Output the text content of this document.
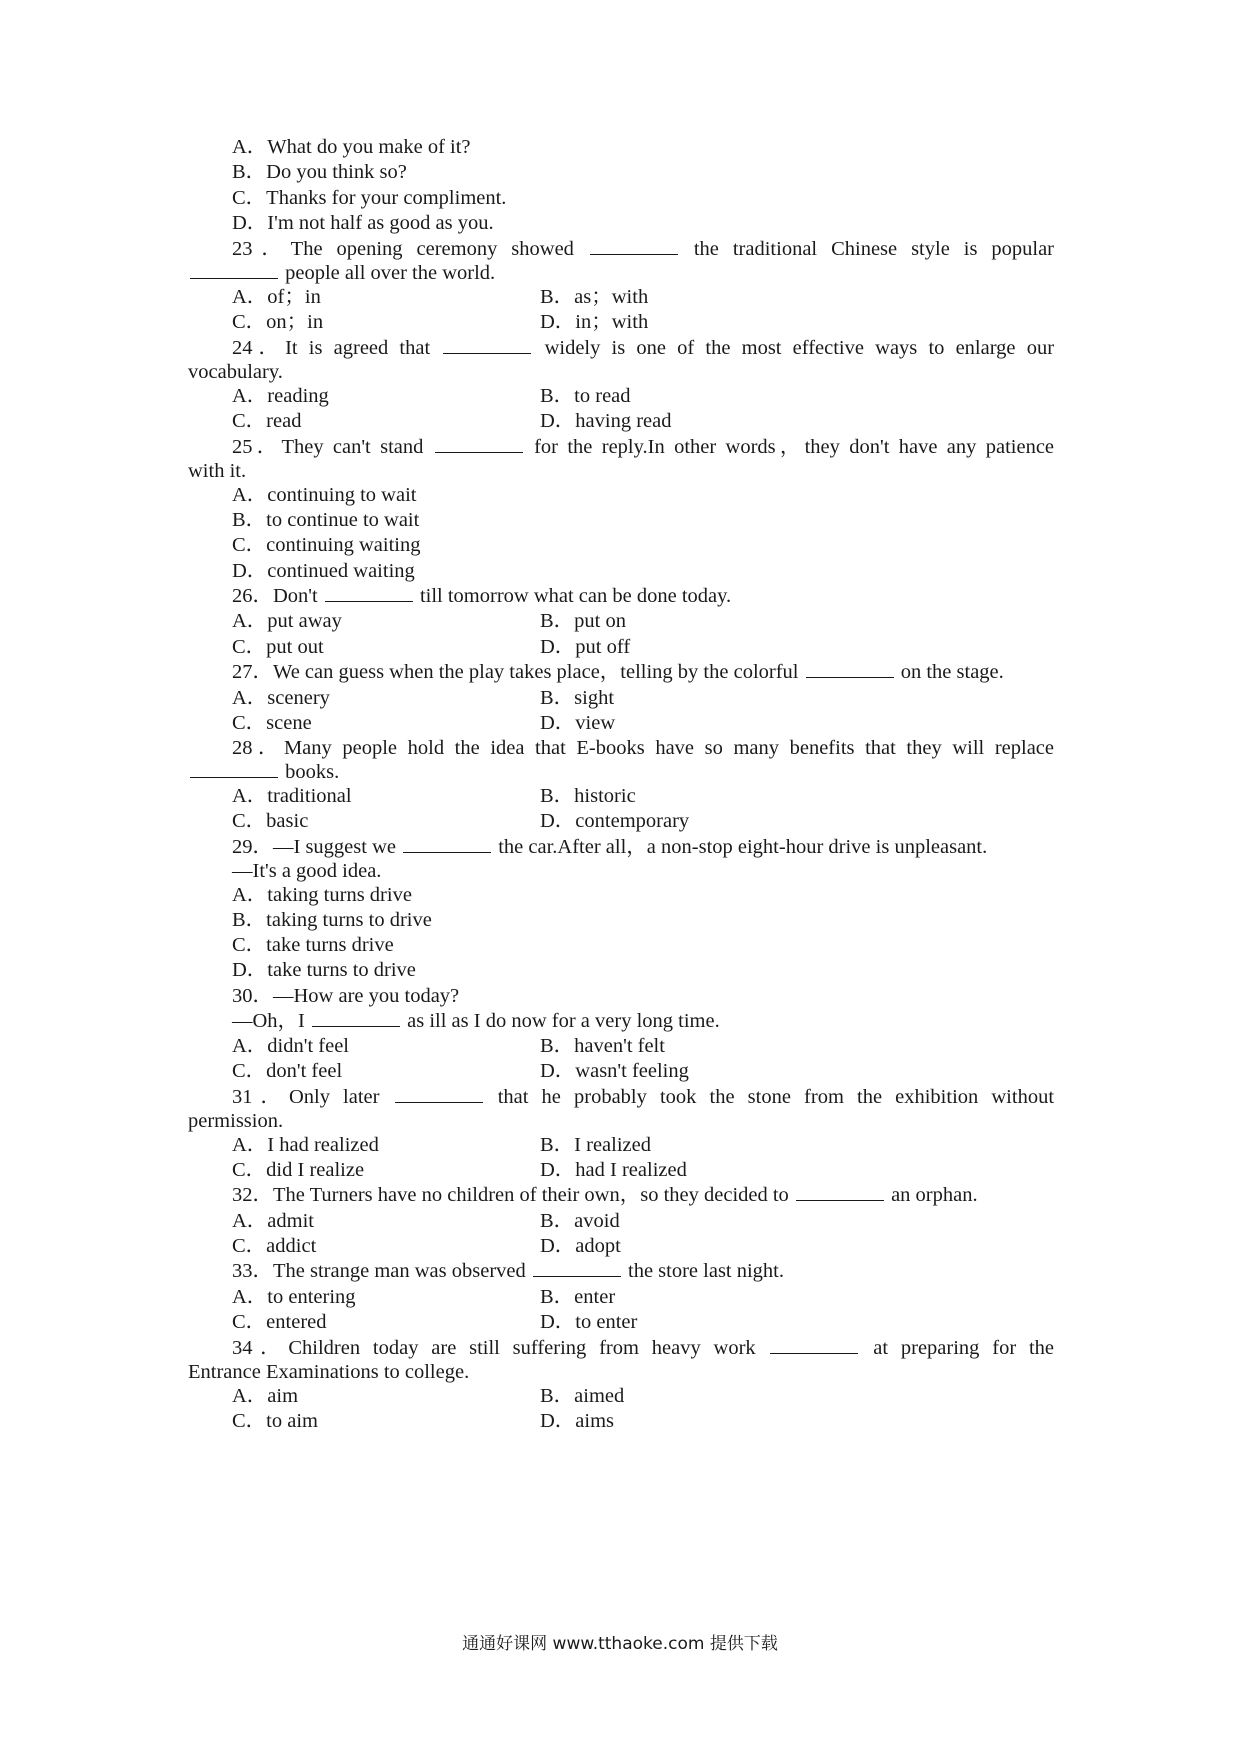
A．What do you make of it?
B．Do you think so?
C．Thanks for your compliment.
D．I'm not half as good as you.
23．The opening ceremony showed	the traditional Chinese style is popular
people all over the world.
A．of；in	B．as；with
C．on；in	D．in；with
24．It is agreed that	widely is one of the most effective ways to enlarge our
vocabulary.
A．reading	B．to read
C．read	D．having read
25．They can't stand	for the reply.In other words，they don't have any patience
with it.
A．continuing to wait
B．to continue to wait
C．continuing waiting
D．continued waiting
26．Don't	till tomorrow what can be done today.
A．put away	B．put on
C．put out	D．put off
27．We can guess when the play takes place，telling by the colorful	on the stage.
A．scenery	B．sight
C．scene	D．view
28．Many people hold the idea that E-books have so many benefits that they will replace
books.
A．traditional	B．historic
C．basic	D．contemporary
29．—I suggest we	the car.After all，a non-stop eight-hour drive is unpleasant.
—It's a good idea.
A．taking turns drive
B．taking turns to drive
C．take turns drive
D．take turns to drive
30．—How are you today?
—Oh，I	as ill as I do now for a very long time.
A．didn't feel	B．haven't felt
C．don't feel	D．wasn't feeling
31．Only later	that he probably took the stone from the exhibition without
permission.
A．I had realized	B．I realized
C．did I realize	D．had I realized
32．The Turners have no children of their own，so they decided to	an orphan.
A．admit	B．avoid
C．addict	D．adopt
33．The strange man was observed	the store last night.
A．to entering	B．enter
C．entered	D．to enter
34．Children today are still suffering from heavy work	at preparing for the
Entrance Examinations to college.
A．aim	B．aimed
C．to aim	D．aims
通通好课网 www.tthaoke.com 提供下载
